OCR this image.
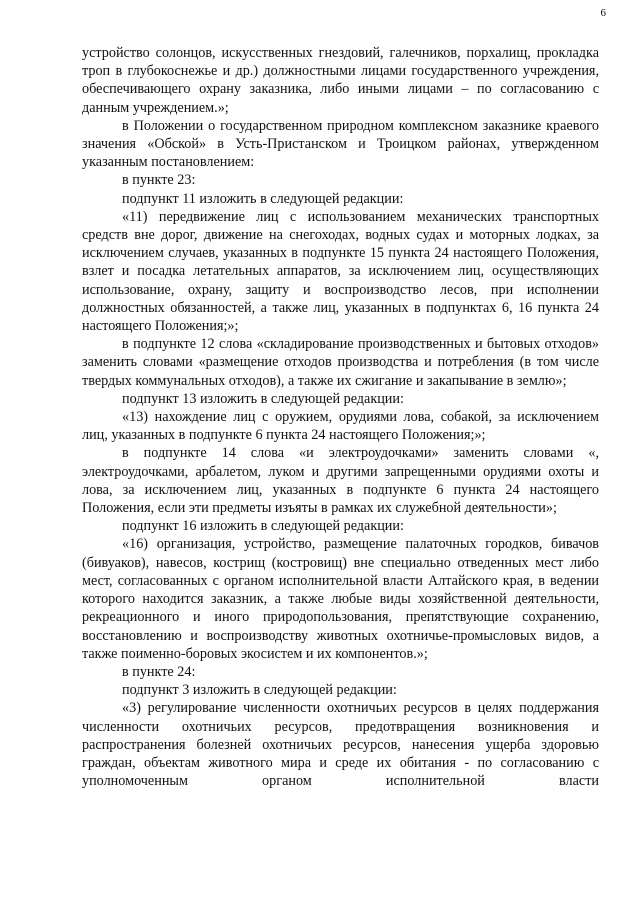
6

устройство солонцов, искусственных гнездовий, галечников, порхалищ, прокладка троп в глубокоснежье и др.) должностными лицами государственного учреждения, обеспечивающего охрану заказника, либо иными лицами – по согласованию с данным учреждением.»;

в Положении о государственном природном комплексном заказнике краевого значения «Обской» в Усть-Пристанском и Троицком районах, утвержденном указанным постановлением:

в пункте 23:

подпункт 11 изложить в следующей редакции:

«11) передвижение лиц с использованием механических транспортных средств вне дорог, движение на снегоходах, водных судах и моторных лодках, за исключением случаев, указанных в подпункте 15 пункта 24 настоящего Положения, взлет и посадка летательных аппаратов, за исключением лиц, осуществляющих использование, охрану, защиту и воспроизводство лесов, при исполнении должностных обязанностей, а также лиц, указанных в подпунктах 6, 16 пункта 24 настоящего Положения;»;

в подпункте 12 слова «складирование производственных и бытовых отходов» заменить словами «размещение отходов производства и потребления (в том числе твердых коммунальных отходов), а также их сжигание и закапывание в землю»;

подпункт 13 изложить в следующей редакции:

«13) нахождение лиц с оружием, орудиями лова, собакой, за исключением лиц, указанных в подпункте 6 пункта 24 настоящего Положения;»;

в подпункте 14 слова «и электроудочками» заменить словами «, электроудочками, арбалетом, луком и другими запрещенными орудиями охоты и лова, за исключением лиц, указанных в подпункте 6 пункта 24 настоящего Положения, если эти предметы изъяты в рамках их служебной деятельности»;

подпункт 16 изложить в следующей редакции:

«16) организация, устройство, размещение палаточных городков, бивачов (бивуаков), навесов, кострищ (костровищ) вне специально отведенных мест либо мест, согласованных с органом исполнительной власти Алтайского края, в ведении которого находится заказник, а также любые виды хозяйственной деятельности, рекреационного и иного природопользования, препятствующие сохранению, восстановлению и воспроизводству животных охотничье-промысловых видов, а также поименно-боровых экосистем и их компонентов.»;

в пункте 24:

подпункт 3 изложить в следующей редакции:

«3) регулирование численности охотничьих ресурсов в целях поддержания численности охотничьих ресурсов, предотвращения возникновения и распространения болезней охотничьих ресурсов, нанесения ущерба здоровью граждан, объектам животного мира и среде их обитания - по согласованию с уполномоченным органом исполнительной власти
